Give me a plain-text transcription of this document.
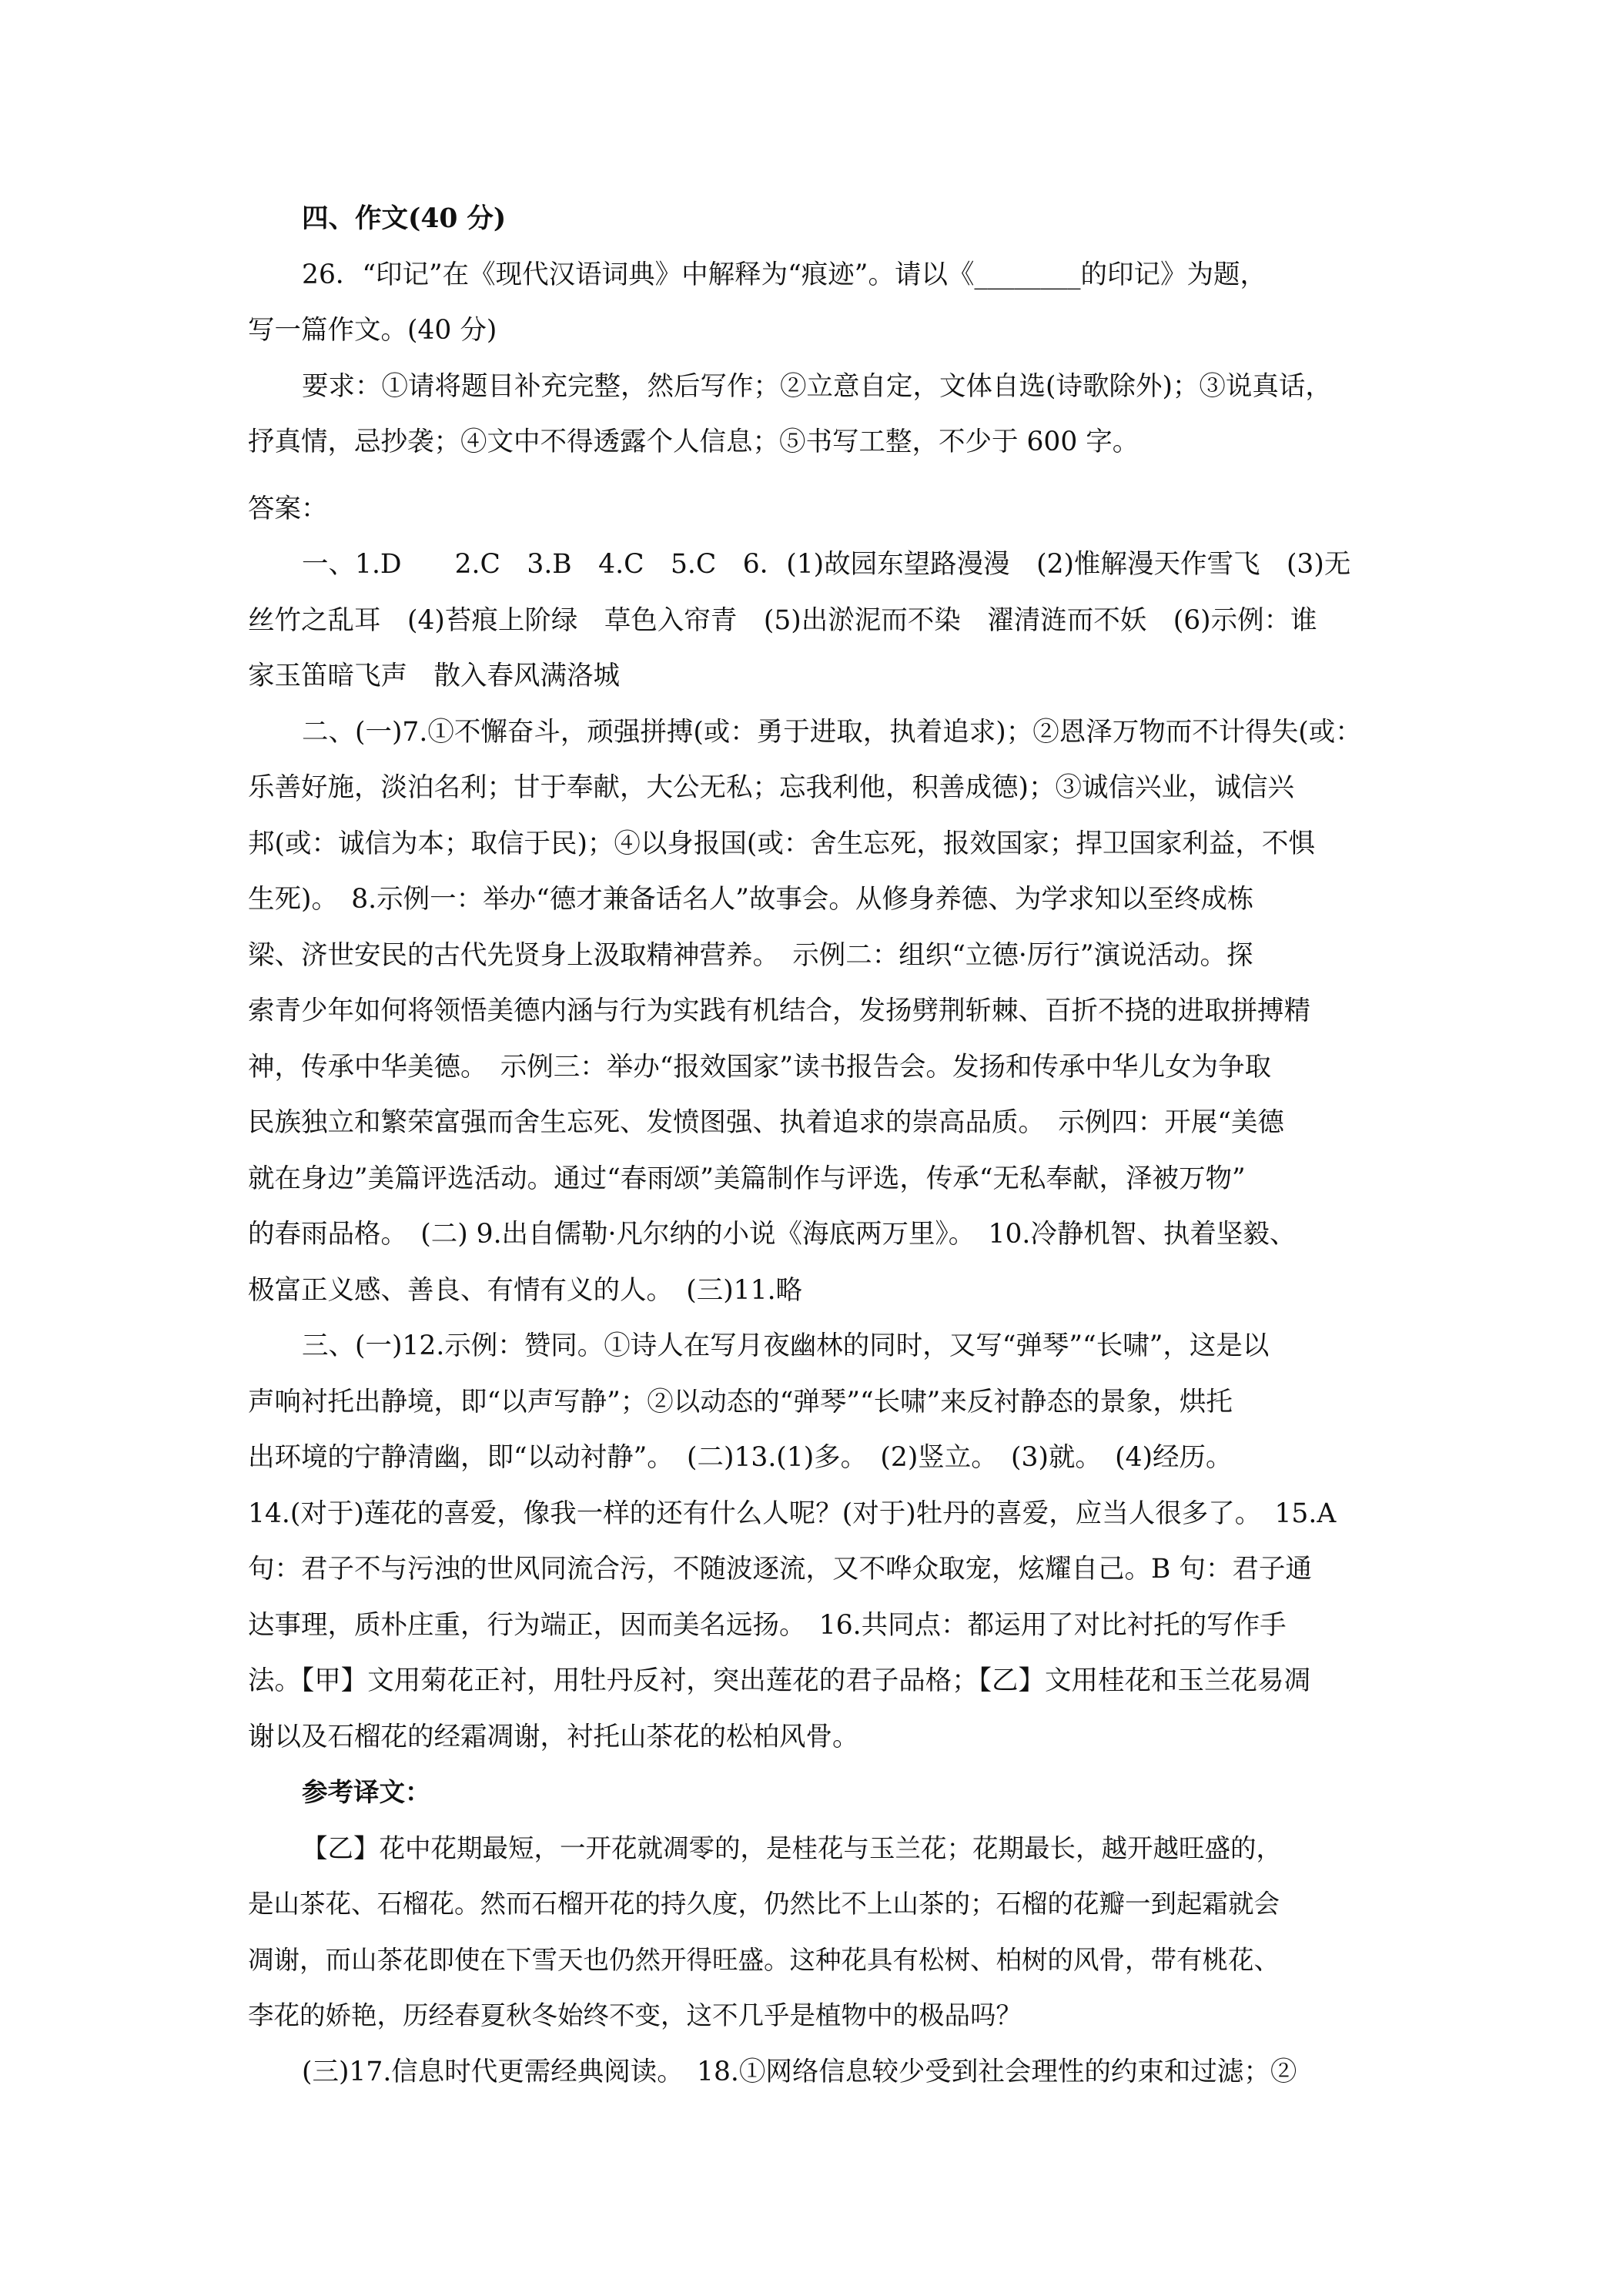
四、作文(40 分)
26．“印记”在《现代汉语词典》中解释为“痕迹”。请以《________的印记》为题，
写一篇作文。(40 分)
要求：①请将题目补充完整，然后写作；②立意自定，文体自选(诗歌除外)；③说真话，
抒真情，忌抄袭；④文中不得透露个人信息；⑤书写工整，不少于 600 字。
答案：
一、1.D　　2.C　3.B　4.C　5.C　6．(1)故园东望路漫漫　(2)惟解漫天作雪飞　(3)无
丝竹之乱耳　(4)苔痕上阶绿　草色入帘青　(5)出淤泥而不染　濯清涟而不妖　(6)示例：谁
家玉笛暗飞声　散入春风满洛城
二、(一)7.①不懈奋斗，顽强拼搏(或：勇于进取，执着追求)；②恩泽万物而不计得失(或：
乐善好施，淡泊名利；甘于奉献，大公无私；忘我利他，积善成德)；③诚信兴业，诚信兴
邦(或：诚信为本；取信于民)；④以身报国(或：舍生忘死，报效国家；捍卫国家利益，不惧
生死)。　8.示例一：举办“德才兼备话名人”故事会。从修身养德、为学求知以至终成栋
梁、济世安民的古代先贤身上汲取精神营养。　示例二：组织“立德·厉行”演说活动。探
索青少年如何将领悟美德内涵与行为实践有机结合，发扬劈荆斩棘、百折不挠的进取拼搏精
神，传承中华美德。　示例三：举办“报效国家”读书报告会。发扬和传承中华儿女为争取
民族独立和繁荣富强而舍生忘死、发愤图强、执着追求的崇高品质。　示例四：开展“美德
就在身边”美篇评选活动。通过“春雨颂”美篇制作与评选，传承“无私奉献，泽被万物”
的春雨品格。　(二) 9.出自儒勒·凡尔纳的小说《海底两万里》。　10.冷静机智、执着坚毅、
极富正义感、善良、有情有义的人。　(三)11.略
三、(一)12.示例：赞同。①诗人在写月夜幽林的同时，又写“弹琴”“长啸”，这是以
声响衬托出静境，即“以声写静”；②以动态的“弹琴”“长啸”来反衬静态的景象，烘托
出环境的宁静清幽，即“以动衬静”。　(二)13.(1)多。　(2)竖立。　(3)就。　(4)经历。
14.(对于)莲花的喜爱，像我一样的还有什么人呢？(对于)牡丹的喜爱，应当人很多了。　15.A
句：君子不与污浊的世风同流合污，不随波逐流，又不哗众取宠，炫耀自己。B 句：君子通
达事理，质朴庄重，行为端正，因而美名远扬。　16.共同点：都运用了对比衬托的写作手
法。【甲】文用菊花正衬，用牡丹反衬，突出莲花的君子品格；【乙】文用桂花和玉兰花易凋
谢以及石榴花的经霜凋谢，衬托山茶花的松柏风骨。
参考译文：
【乙】花中花期最短，一开花就凋零的，是桂花与玉兰花；花期最长，越开越旺盛的，
是山茶花、石榴花。然而石榴开花的持久度，仍然比不上山茶的；石榴的花瓣一到起霜就会
凋谢，而山茶花即使在下雪天也仍然开得旺盛。这种花具有松树、柏树的风骨，带有桃花、
李花的娇艳，历经春夏秋冬始终不变，这不几乎是植物中的极品吗？
(三)17.信息时代更需经典阅读。　18.①网络信息较少受到社会理性的约束和过滤；②
